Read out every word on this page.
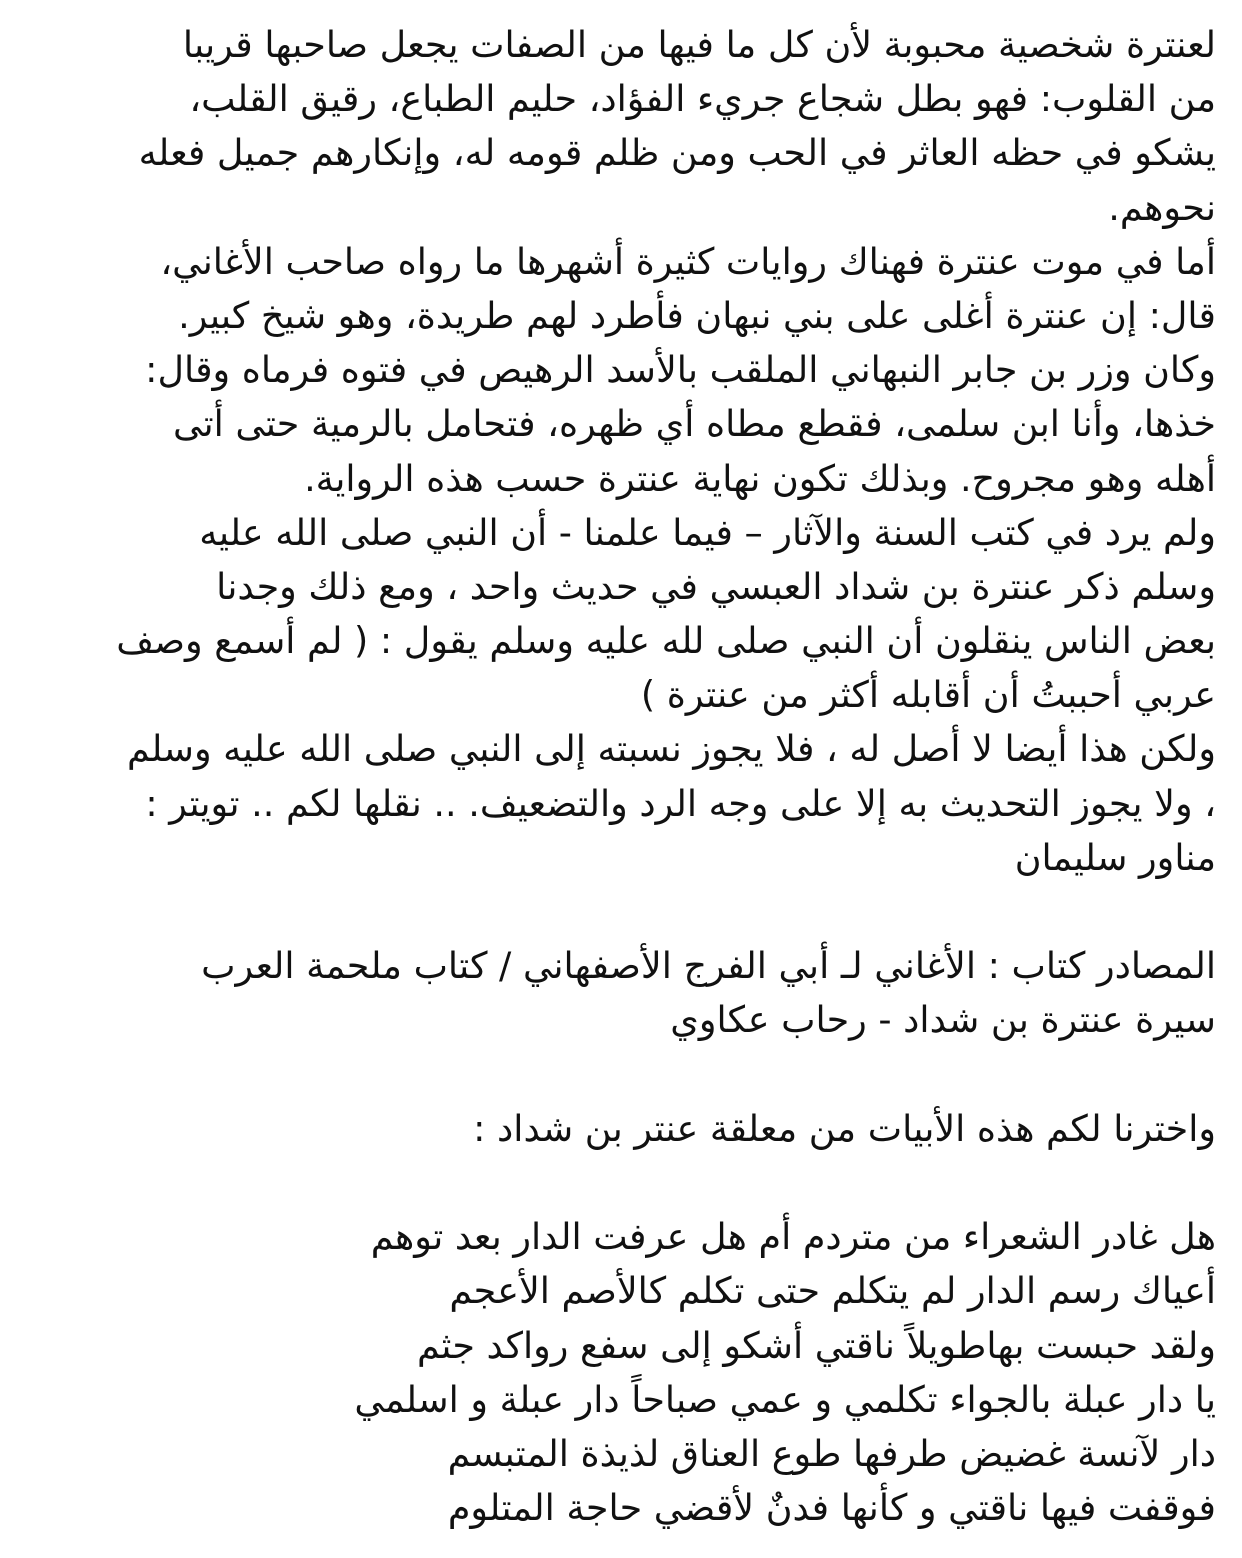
لعنترة شخصية محبوبة لأن كل ما فيها من الصفات يجعل صاحبها قريبا
من القلوب: فهو بطل شجاع جريء الفؤاد، حليم الطباع، رقيق القلب،
يشكو في حظه العاثر في الحب ومن ظلم قومه له، وإنكارهم جميل فعله
نحوهم.
أما في موت عنترة فهناك روايات كثيرة أشهرها ما رواه صاحب الأغاني،
قال: إن عنترة أغلى على بني نبهان فأطرد لهم طريدة، وهو شيخ كبير.
وكان وزر بن جابر النبهاني الملقب بالأسد الرهيص في فتوه فرماه وقال:
خذها، وأنا ابن سلمى، فقطع مطاه أي ظهره، فتحامل بالرمية حتى أتى
أهله وهو مجروح. وبذلك تكون نهاية عنترة حسب هذه الرواية.
ولم يرد في كتب السنة والآثار – فيما علمنا - أن النبي صلى الله عليه
وسلم ذكر عنترة بن شداد العبسي في حديث واحد ، ومع ذلك وجدنا
بعض الناس ينقلون أن النبي صلى لله عليه وسلم يقول : ( لم أسمع وصف
عربي أحببتُ أن أقابله أكثر من عنترة )
ولكن هذا أيضا لا أصل له ، فلا يجوز نسبته إلى النبي صلى الله عليه وسلم
، ولا يجوز التحديث به إلا على وجه الرد والتضعيف. .. نقلها لكم .. تويتر :
مناور سليمان
المصادر كتاب : الأغاني لـ أبي الفرج الأصفهاني / كتاب ملحمة العرب
سيرة عنترة بن شداد - رحاب عكاوي
واخترنا لكم هذه الأبيات من معلقة عنتر بن شداد :
هل غادر الشعراء من متردم أم هل عرفت الدار بعد توهم
أعياك رسم الدار لم يتكلم حتى تكلم كالأصم الأعجم
ولقد حبست بهاطويلاً ناقتي أشكو إلى سفع رواكد جثم
يا دار عبلة بالجواء تكلمي و عمي صباحاً دار عبلة و اسلمي
دار لآنسة غضيض طرفها طوع العناق لذيذة المتبسم
فوقفت فيها ناقتي و كأنها فدنٌ لأقضي حاجة المتلوم
